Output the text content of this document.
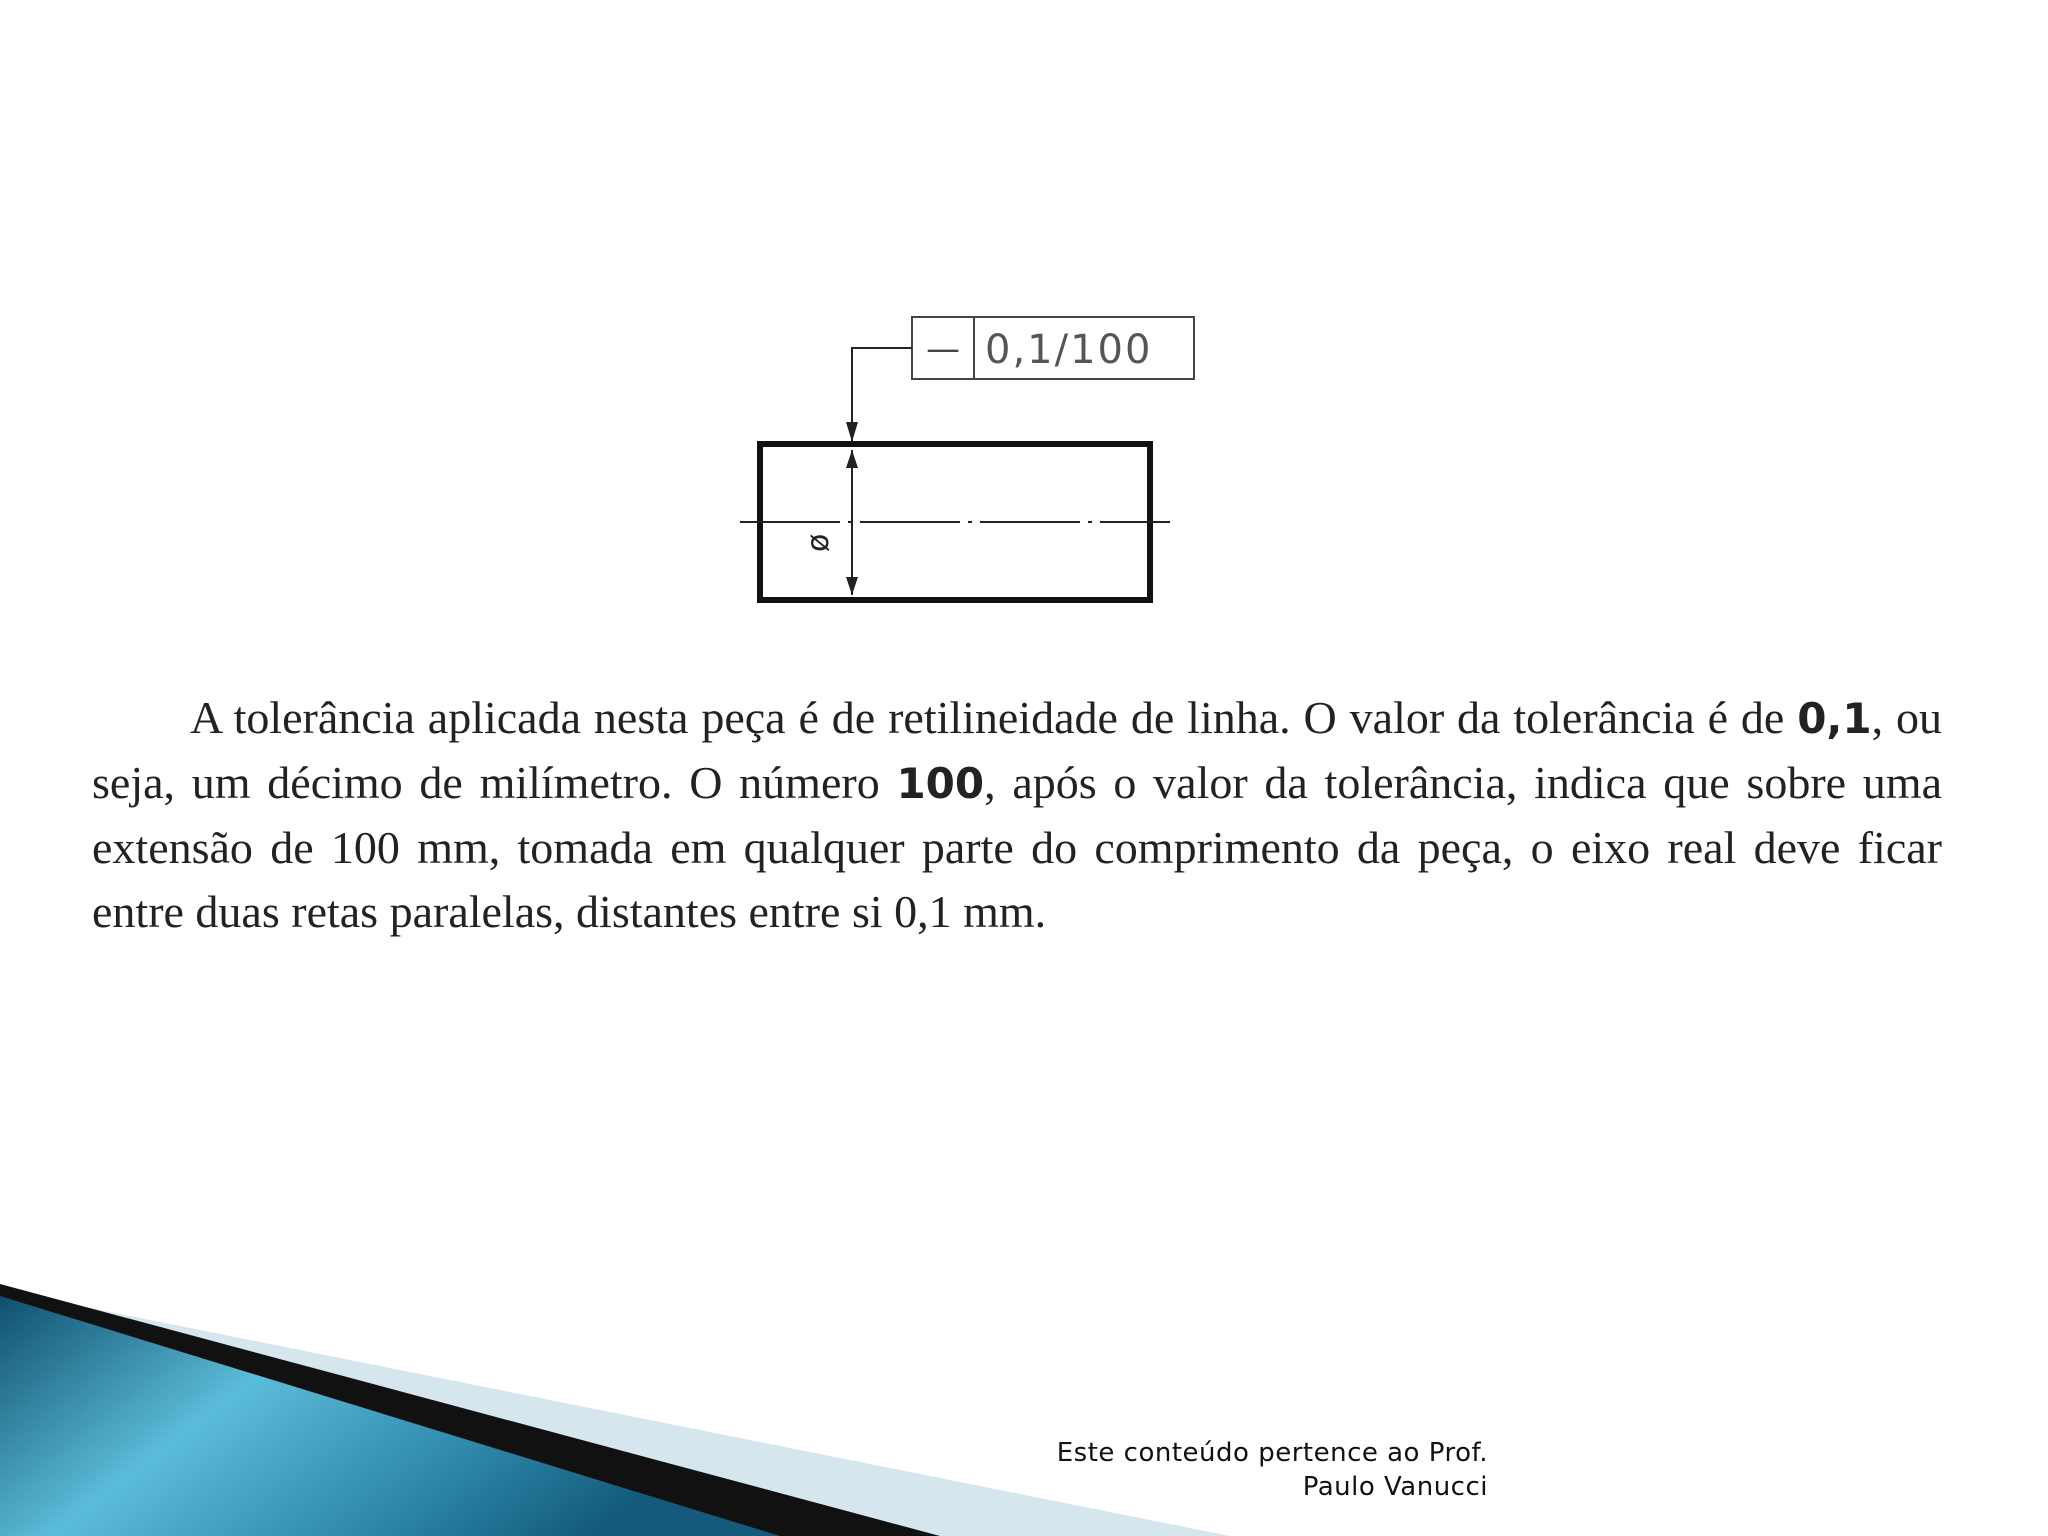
— 0,1/100
ø

A tolerância aplicada nesta peça é de retilineidade de linha. O valor da tolerância é de 0,1, ou seja, um décimo de milímetro. O número 100, após o valor da tolerância, indica que sobre uma extensão de 100 mm, tomada em qualquer parte do comprimento da peça, o eixo real deve ficar entre duas retas paralelas, distantes entre si 0,1 mm.

Este conteúdo pertence ao Prof.
Paulo Vanucci
